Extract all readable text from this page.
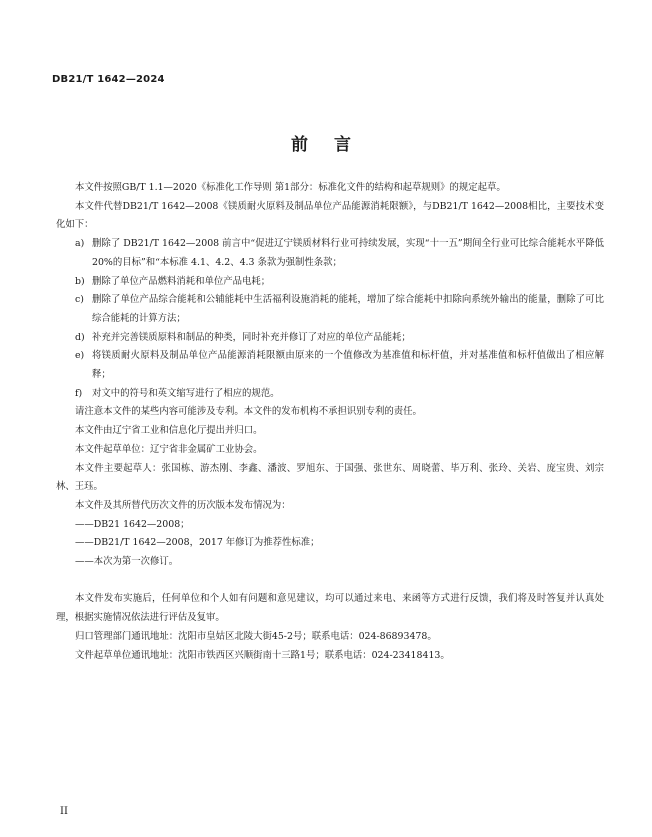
DB21/T 1642—2024
前 言

本文件按照GB/T 1.1—2020《标准化工作导则 第1部分：标准化文件的结构和起草规则》的规定起草。

本文件代替DB21/T 1642—2008《镁质耐火原料及制品单位产品能源消耗限额》，与DB21/T 1642—2008相比，主要技术变化如下：

a) 删除了 DB21/T 1642—2008 前言中“促进辽宁镁质材料行业可持续发展，实现“十一五”期间全行业可比综合能耗水平降低 20%的目标”和“本标准 4.1、4.2、4.3 条款为强制性条款；

b) 删除了单位产品燃料消耗和单位产品电耗；

c) 删除了单位产品综合能耗和公辅能耗中生活福利设施消耗的能耗，增加了综合能耗中扣除向系统外输出的能量，删除了可比综合能耗的计算方法；

d) 补充并完善镁质原料和制品的种类，同时补充并修订了对应的单位产品能耗；

e) 将镁质耐火原料及制品单位产品能源消耗限额由原来的一个值修改为基准值和标杆值，并对基准值和标杆值做出了相应解释；

f) 对文中的符号和英文缩写进行了相应的规范。

请注意本文件的某些内容可能涉及专利。本文件的发布机构不承担识别专利的责任。

本文件由辽宁省工业和信息化厅提出并归口。

本文件起草单位：辽宁省非金属矿工业协会。

本文件主要起草人：张国栋、游杰刚、李鑫、潘波、罗旭东、于国强、张世东、周晓蕾、毕万利、张玲、关岩、庞宝贵、刘宗林、王珏。

本文件及其所替代历次文件的历次版本发布情况为：

——DB21 1642—2008；

——DB21/T 1642—2008，2017 年修订为推荐性标准；

——本次为第一次修订。

本文件发布实施后，任何单位和个人如有问题和意见建议，均可以通过来电、来函等方式进行反馈，我们将及时答复并认真处理，根据实施情况依法进行评估及复审。

归口管理部门通讯地址：沈阳市皇姑区北陵大街45-2号；联系电话：024-86893478。

文件起草单位通讯地址：沈阳市铁西区兴顺街南十三路1号；联系电话：024-23418413。

II
